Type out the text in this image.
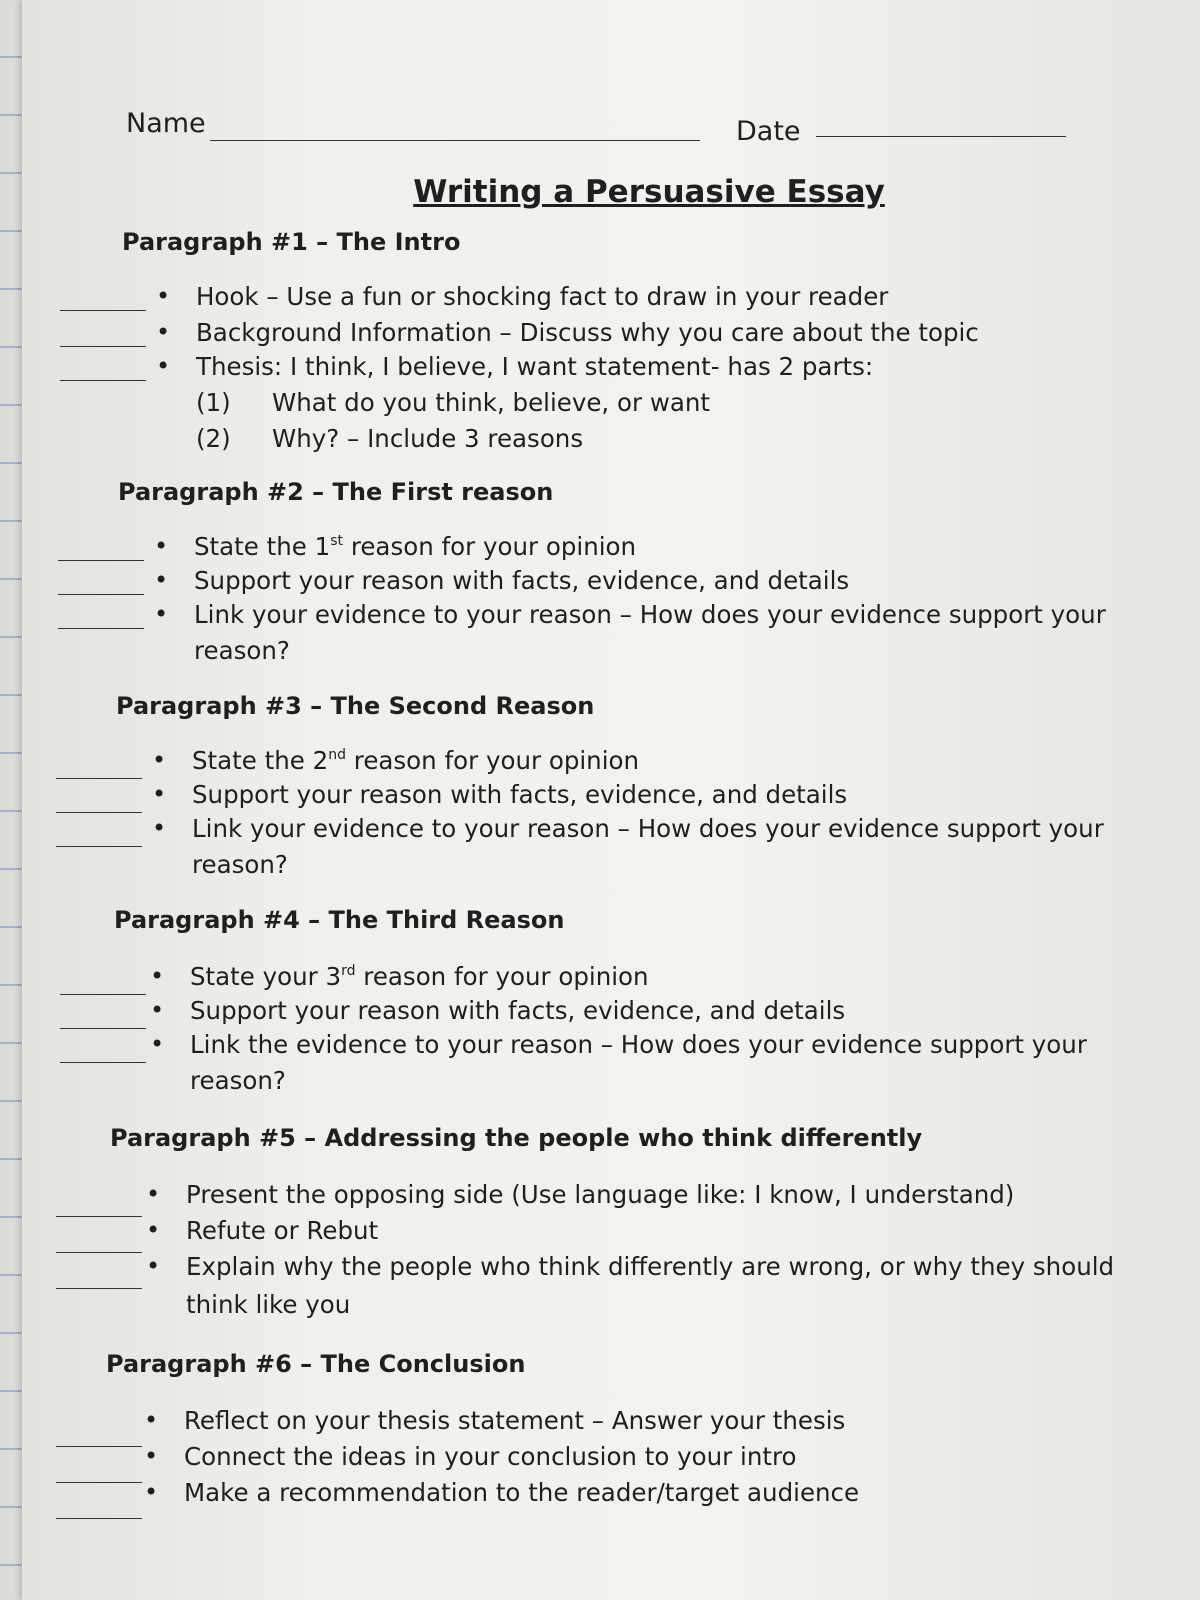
Name	Date
Writing a Persuasive Essay
Paragraph #1 – The Intro
• Hook – Use a fun or shocking fact to draw in your reader
• Background Information – Discuss why you care about the topic
• Thesis: I think, I believe, I want statement- has 2 parts:
(1) What do you think, believe, or want
(2) Why? – Include 3 reasons
Paragraph #2 – The First reason
• State the 1st reason for your opinion
• Support your reason with facts, evidence, and details
• Link your evidence to your reason – How does your evidence support your
reason?
Paragraph #3 – The Second Reason
• State the 2nd reason for your opinion
• Support your reason with facts, evidence, and details
• Link your evidence to your reason – How does your evidence support your
reason?
Paragraph #4 – The Third Reason
• State your 3rd reason for your opinion
• Support your reason with facts, evidence, and details
• Link the evidence to your reason – How does your evidence support your
reason?
Paragraph #5 – Addressing the people who think differently
• Present the opposing side (Use language like: I know, I understand)
• Refute or Rebut
• Explain why the people who think differently are wrong, or why they should
think like you
Paragraph #6 – The Conclusion
• Reflect on your thesis statement – Answer your thesis
• Connect the ideas in your conclusion to your intro
• Make a recommendation to the reader/target audience
